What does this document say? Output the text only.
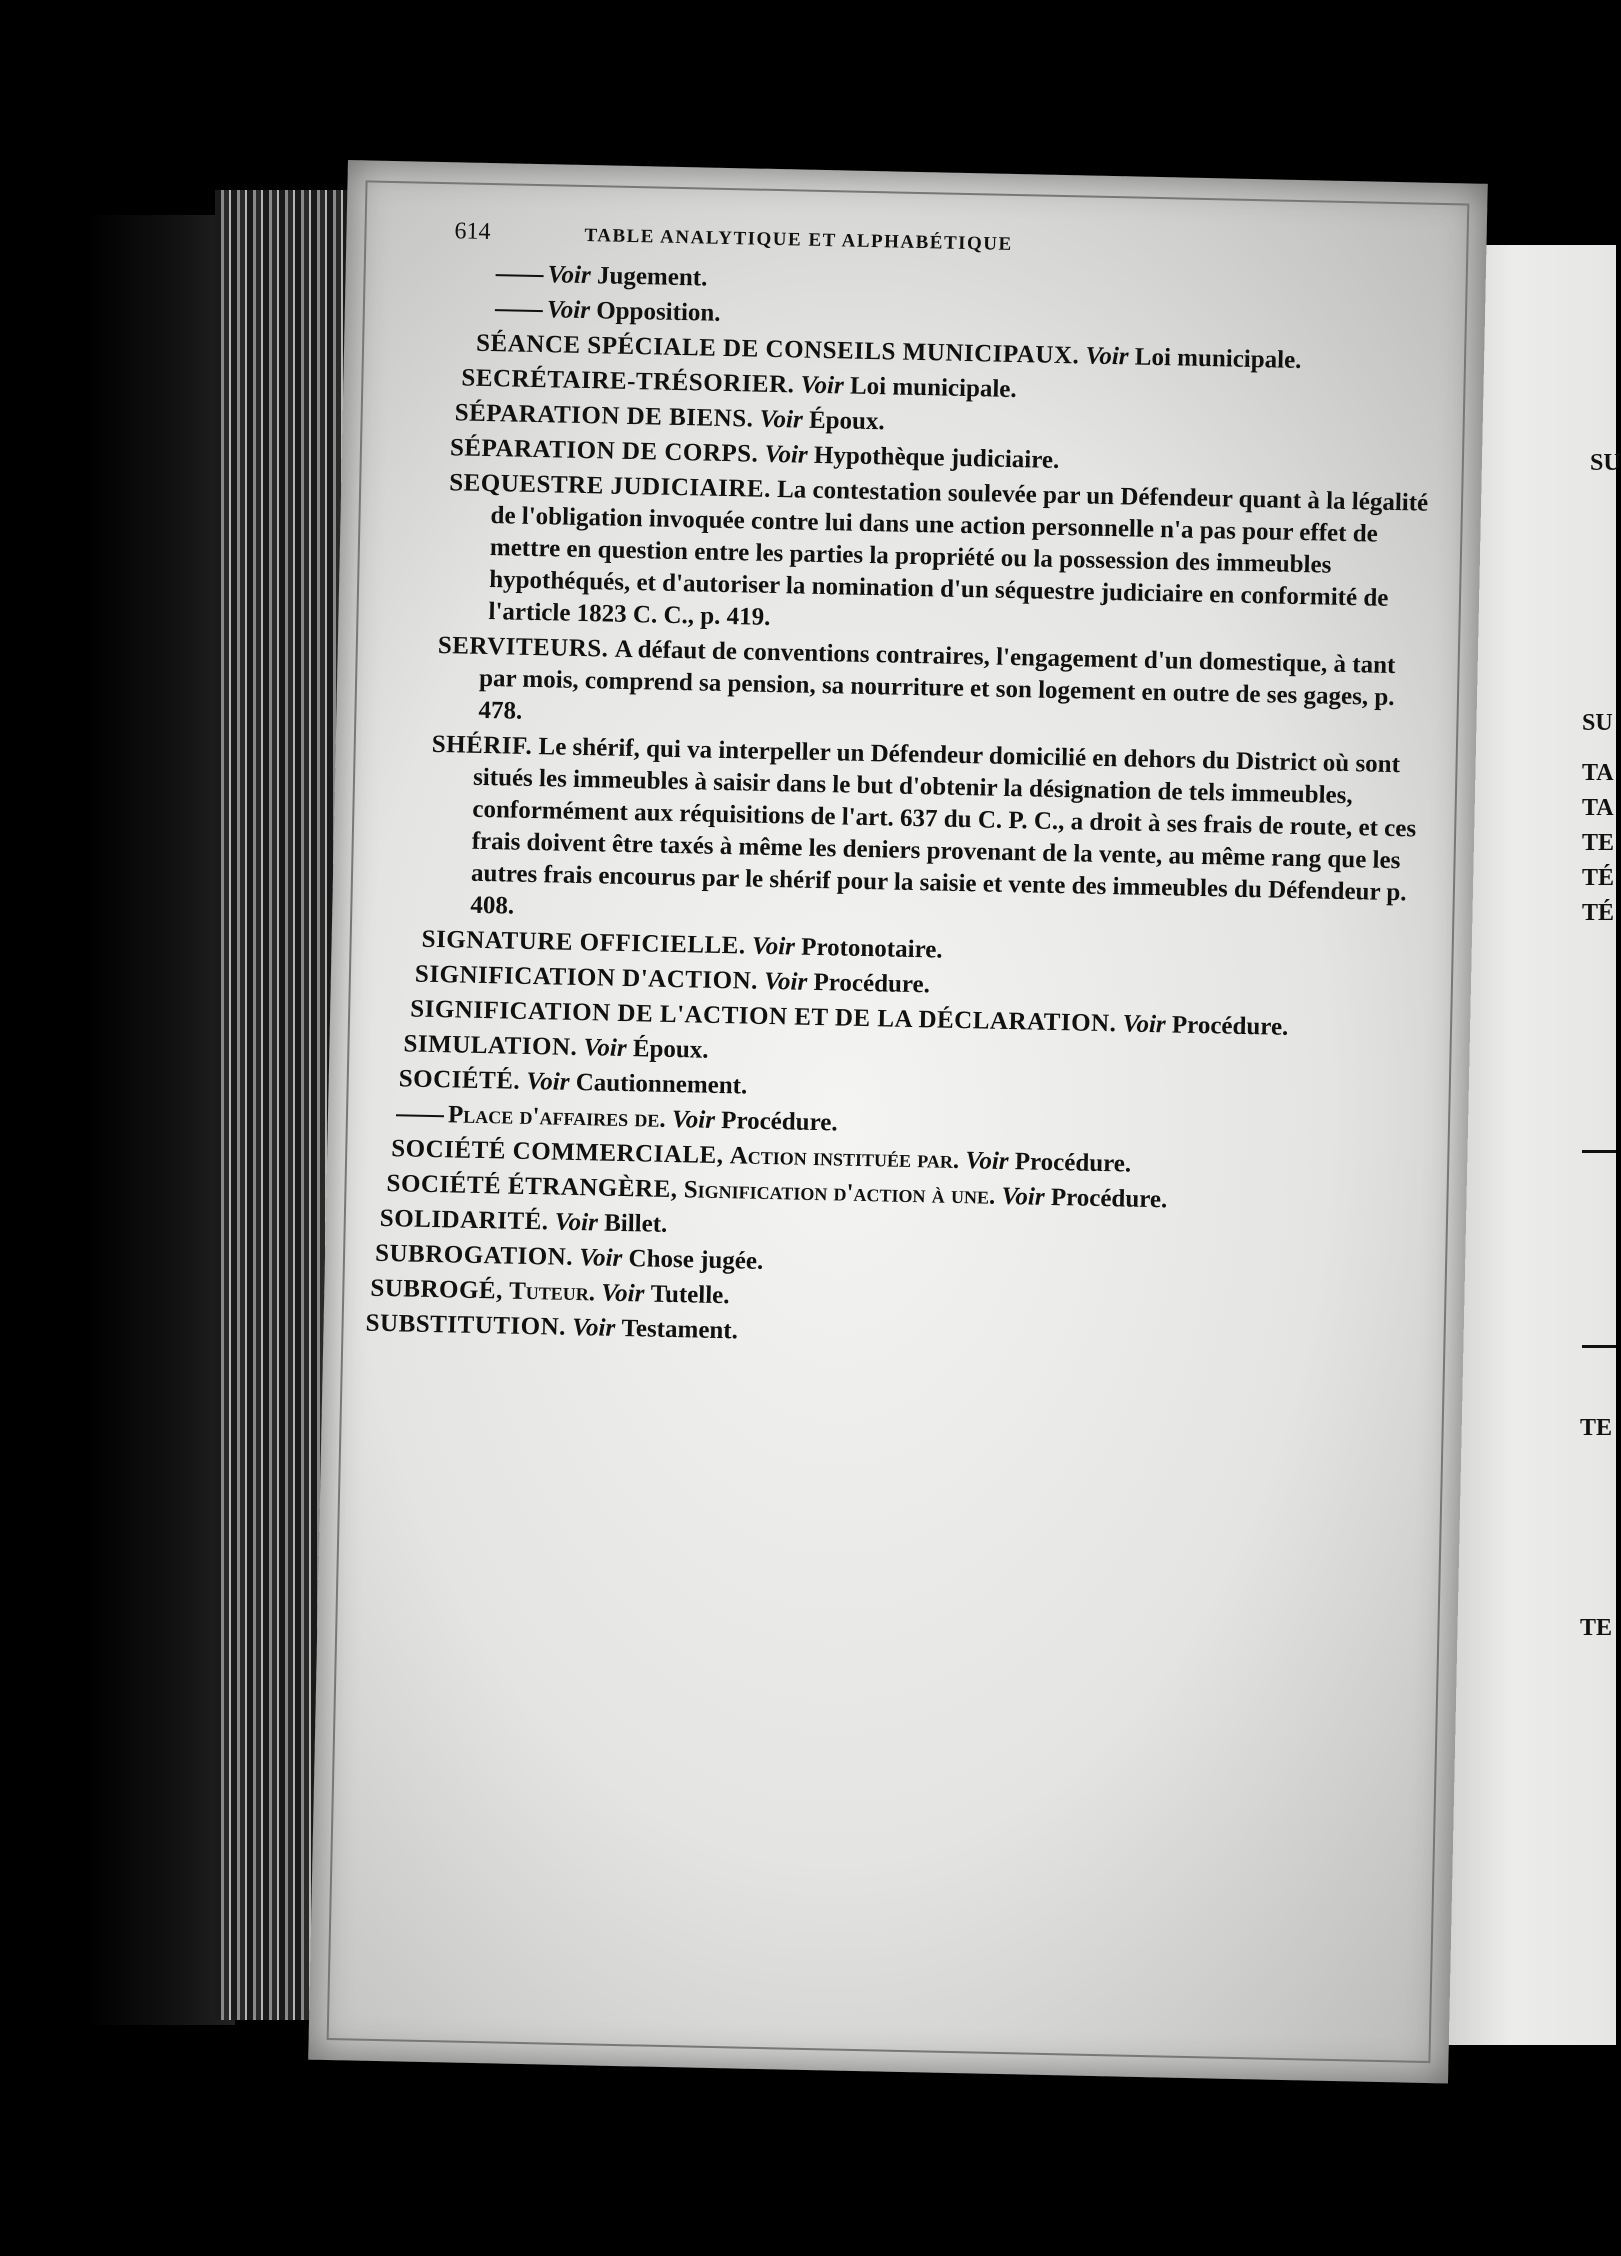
SU
SU
TA
TA
TE
TÉ
TÉ
TE
TE
614	TABLE ANALYTIQUE ET ALPHABÉTIQUE
Voir Jugement.
Voir Opposition.
SÉANCE SPÉCIALE DE CONSEILS MUNICIPAUX. Voir Loi municipale.
SECRÉTAIRE-TRÉSORIER. Voir Loi municipale.
SÉPARATION DE BIENS. Voir Époux.
SÉPARATION DE CORPS. Voir Hypothèque judiciaire.
SEQUESTRE JUDICIAIRE. La contestation soulevée par un Défendeur quant à la légalité de l'obligation invoquée contre lui dans une action personnelle n'a pas pour effet de mettre en question entre les parties la propriété ou la possession des immeubles hypothéqués, et d'autoriser la nomination d'un séquestre judiciaire en conformité de l'article 1823 C. C., p. 419.
SERVITEURS. A défaut de conventions contraires, l'engagement d'un domestique, à tant par mois, comprend sa pension, sa nourriture et son logement en outre de ses gages, p. 478.
SHÉRIF. Le shérif, qui va interpeller un Défendeur domicilié en dehors du District où sont situés les immeubles à saisir dans le but d'obtenir la désignation de tels immeubles, conformément aux réquisitions de l'art. 637 du C. P. C., a droit à ses frais de route, et ces frais doivent être taxés à même les deniers provenant de la vente, au même rang que les autres frais encourus par le shérif pour la saisie et vente des immeubles du Défendeur p. 408.
SIGNATURE OFFICIELLE. Voir Protonotaire.
SIGNIFICATION D'ACTION. Voir Procédure.
SIGNIFICATION DE L'ACTION ET DE LA DÉCLARATION. Voir Procédure.
SIMULATION. Voir Époux.
SOCIÉTÉ. Voir Cautionnement.
Place d'affaires de. Voir Procédure.
SOCIÉTÉ COMMERCIALE, Action instituée par. Voir Procédure.
SOCIÉTÉ ÉTRANGÈRE, Signification d'action à une. Voir Procédure.
SOLIDARITÉ. Voir Billet.
SUBROGATION. Voir Chose jugée.
SUBROGÉ, Tuteur. Voir Tutelle.
SUBSTITUTION. Voir Testament.
